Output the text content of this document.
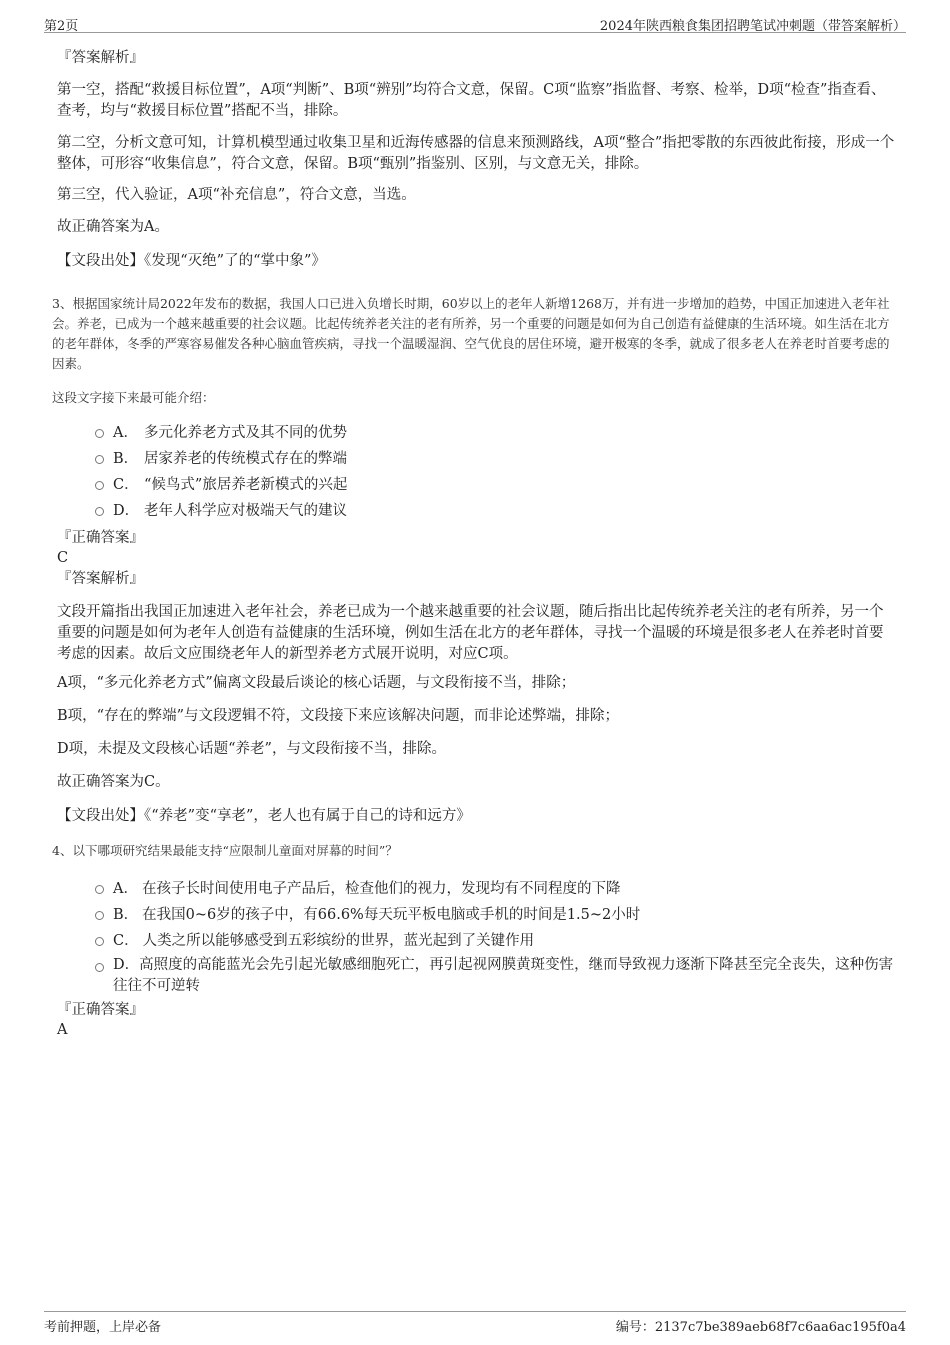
第2页	2024年陕西粮食集团招聘笔试冲刺题（带答案解析）

『答案解析』

第一空，搭配“救援目标位置”，A项“判断”、B项“辨别”均符合文意，保留。C项“监察”指监督、考察、检举，D项“检查”指查看、查考，均与“救援目标位置”搭配不当，排除。

第二空，分析文意可知，计算机模型通过收集卫星和近海传感器的信息来预测路线，A项“整合”指把零散的东西彼此衔接，形成一个整体，可形容“收集信息”，符合文意，保留。B项“甄别”指鉴别、区别，与文意无关，排除。

第三空，代入验证，A项“补充信息”，符合文意，当选。

故正确答案为A。

【文段出处】《发现“灭绝”了的“掌中象”》

3、根据国家统计局2022年发布的数据，我国人口已进入负增长时期，60岁以上的老年人新增1268万，并有进一步增加的趋势，中国正加速进入老年社会。养老，已成为一个越来越重要的社会议题。比起传统养老关注的老有所养，另一个重要的问题是如何为自己创造有益健康的生活环境。如生活在北方的老年群体，冬季的严寒容易催发各种心脑血管疾病，寻找一个温暖湿润、空气优良的居住环境，避开极寒的冬季，就成了很多老人在养老时首要考虑的因素。

这段文字接下来最可能介绍：

A． 多元化养老方式及其不同的优势
B． 居家养老的传统模式存在的弊端
C． “候鸟式”旅居养老新模式的兴起
D． 老年人科学应对极端天气的建议

『正确答案』

C

『答案解析』

文段开篇指出我国正加速进入老年社会，养老已成为一个越来越重要的社会议题，随后指出比起传统养老关注的老有所养，另一个重要的问题是如何为老年人创造有益健康的生活环境，例如生活在北方的老年群体，寻找一个温暖的环境是很多老人在养老时首要考虑的因素。故后文应围绕老年人的新型养老方式展开说明，对应C项。

A项，“多元化养老方式”偏离文段最后谈论的核心话题，与文段衔接不当，排除；

B项，“存在的弊端”与文段逻辑不符，文段接下来应该解决问题，而非论述弊端，排除；

D项，未提及文段核心话题“养老”，与文段衔接不当，排除。

故正确答案为C。

【文段出处】《“养老”变“享老”，老人也有属于自己的诗和远方》

4、以下哪项研究结果最能支持“应限制儿童面对屏幕的时间”？

A． 在孩子长时间使用电子产品后，检查他们的视力，发现均有不同程度的下降
B． 在我国0~6岁的孩子中，有66.6%每天玩平板电脑或手机的时间是1.5~2小时
C． 人类之所以能够感受到五彩缤纷的世界，蓝光起到了关键作用
D．高照度的高能蓝光会先引起光敏感细胞死亡，再引起视网膜黄斑变性，继而导致视力逐渐下降甚至完全丧失，这种伤害往往不可逆转

『正确答案』

A

考前押题，上岸必备	编号：2137c7be389aeb68f7c6aa6ac195f0a4
